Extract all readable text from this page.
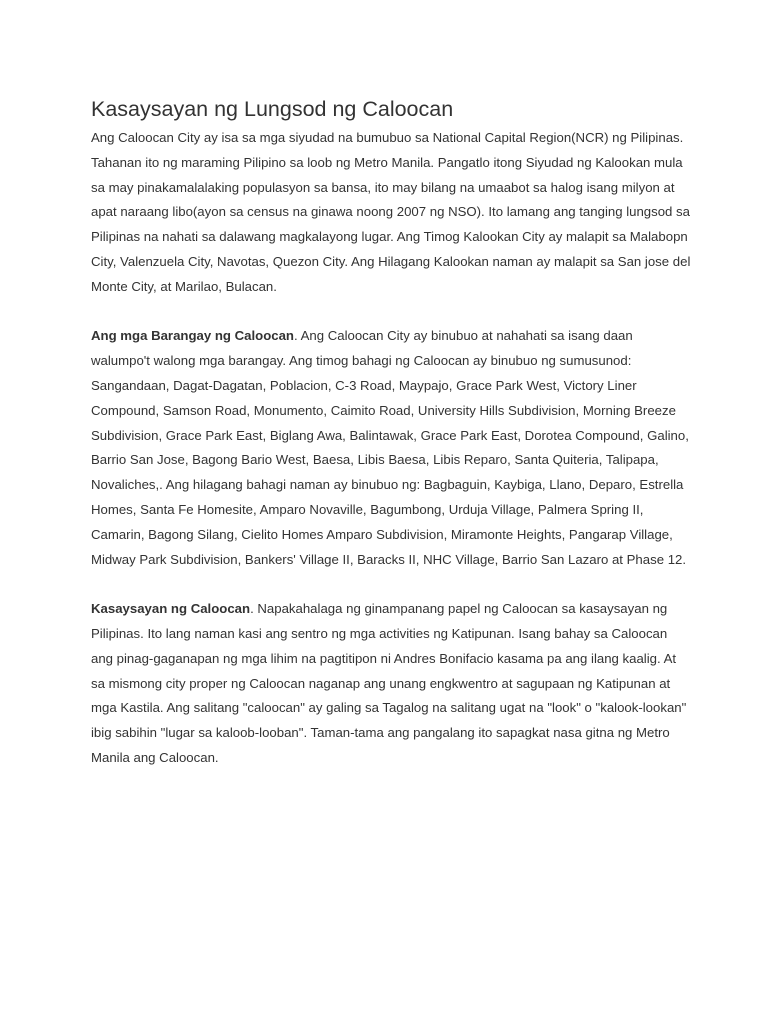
Kasaysayan ng Lungsod ng Caloocan

Ang Caloocan City ay isa sa mga siyudad na bumubuo sa National Capital Region(NCR) ng Pilipinas. Tahanan ito ng maraming Pilipino sa loob ng Metro Manila. Pangatlo itong Siyudad ng Kalookan mula sa may pinakamalalaking populasyon sa bansa, ito may bilang na umaabot sa halog isang milyon at apat naraang libo(ayon sa census na ginawa noong 2007 ng NSO). Ito lamang ang tanging lungsod sa Pilipinas na nahati sa dalawang magkalayong lugar. Ang Timog Kalookan City ay malapit sa Malabopn City, Valenzuela City, Navotas, Quezon City. Ang Hilagang Kalookan naman ay malapit sa San jose del Monte City, at Marilao, Bulacan.

Ang mga Barangay ng Caloocan. Ang Caloocan City ay binubuo at nahahati sa isang daan walumpo't walong mga barangay. Ang timog bahagi ng Caloocan ay binubuo ng sumusunod: Sangandaan, Dagat-Dagatan, Poblacion, C-3 Road, Maypajo, Grace Park West, Victory Liner Compound, Samson Road, Monumento, Caimito Road, University Hills Subdivision, Morning Breeze Subdivision, Grace Park East, Biglang Awa, Balintawak, Grace Park East, Dorotea Compound, Galino, Barrio San Jose, Bagong Bario West, Baesa, Libis Baesa, Libis Reparo, Santa Quiteria, Talipapa, Novaliches,. Ang hilagang bahagi naman ay binubuo ng: Bagbaguin, Kaybiga, Llano, Deparo, Estrella Homes, Santa Fe Homesite, Amparo Novaville, Bagumbong, Urduja Village, Palmera Spring II, Camarin, Bagong Silang, Cielito Homes Amparo Subdivision, Miramonte Heights, Pangarap Village, Midway Park Subdivision, Bankers' Village II, Baracks II, NHC Village, Barrio San Lazaro at Phase 12.

Kasaysayan ng Caloocan. Napakahalaga ng ginampanang papel ng Caloocan sa kasaysayan ng Pilipinas. Ito lang naman kasi ang sentro ng mga activities ng Katipunan. Isang bahay sa Caloocan ang pinag-gaganapan ng mga lihim na pagtitipon ni Andres Bonifacio kasama pa ang ilang kaalig. At sa mismong city proper ng Caloocan naganap ang unang engkwentro at sagupaan ng Katipunan at mga Kastila. Ang salitang "caloocan" ay galing sa Tagalog na salitang ugat na "look" o "kalook-lookan" ibig sabihin "lugar sa kaloob-looban". Taman-tama ang pangalang ito sapagkat nasa gitna ng Metro Manila ang Caloocan.
